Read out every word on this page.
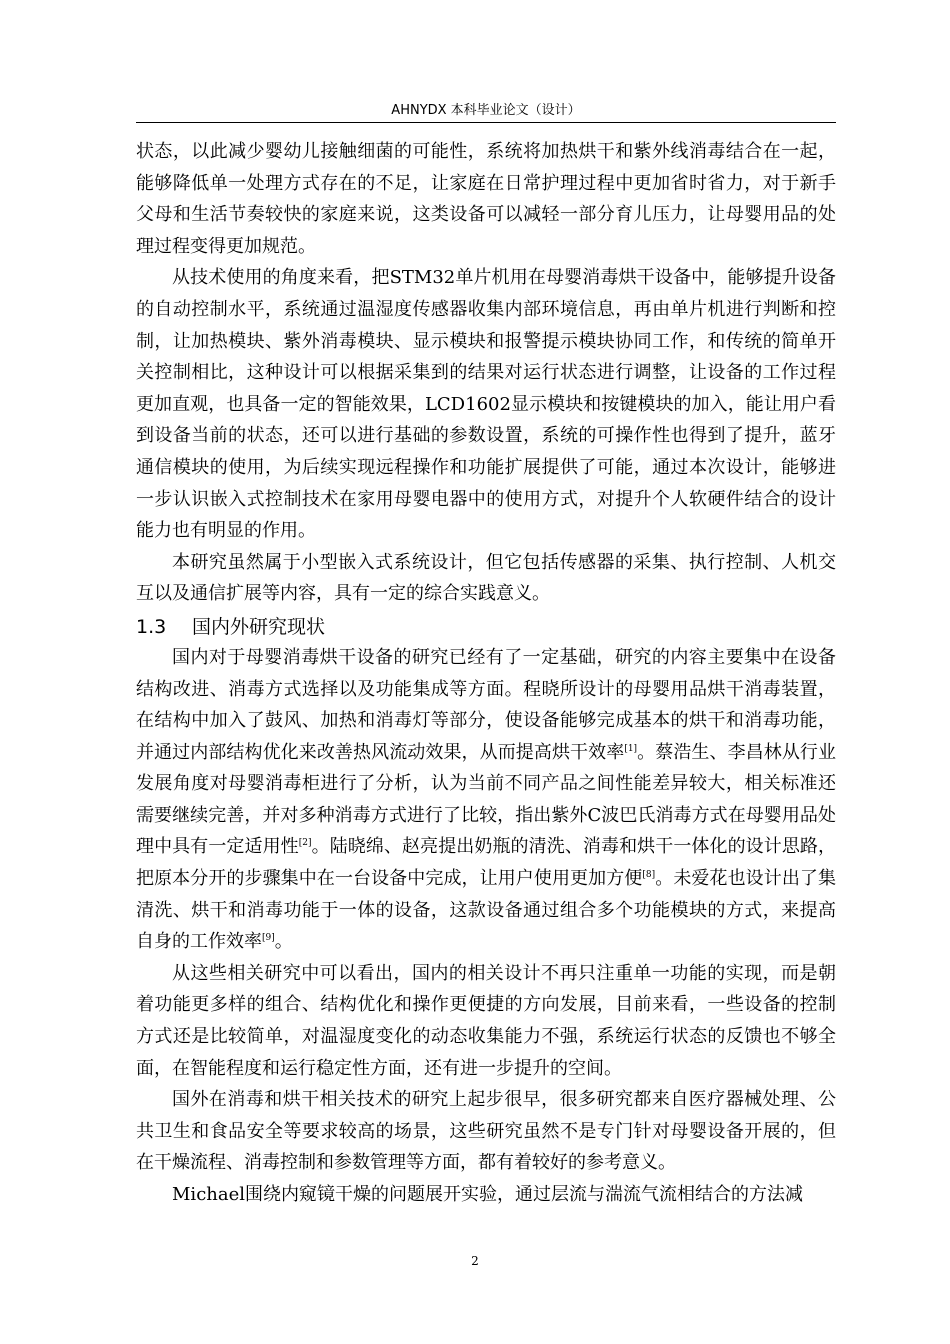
AHNYDX 本科毕业论文（设计）

状态，以此减少婴幼儿接触细菌的可能性，系统将加热烘干和紫外线消毒结合在一起，能够降低单一处理方式存在的不足，让家庭在日常护理过程中更加省时省力，对于新手父母和生活节奏较快的家庭来说，这类设备可以减轻一部分育儿压力，让母婴用品的处理过程变得更加规范。

从技术使用的角度来看，把STM32单片机用在母婴消毒烘干设备中，能够提升设备的自动控制水平，系统通过温湿度传感器收集内部环境信息，再由单片机进行判断和控制，让加热模块、紫外消毒模块、显示模块和报警提示模块协同工作，和传统的简单开关控制相比，这种设计可以根据采集到的结果对运行状态进行调整，让设备的工作过程更加直观，也具备一定的智能效果，LCD1602显示模块和按键模块的加入，能让用户看到设备当前的状态，还可以进行基础的参数设置，系统的可操作性也得到了提升，蓝牙通信模块的使用，为后续实现远程操作和功能扩展提供了可能，通过本次设计，能够进一步认识嵌入式控制技术在家用母婴电器中的使用方式，对提升个人软硬件结合的设计能力也有明显的作用。

本研究虽然属于小型嵌入式系统设计，但它包括传感器的采集、执行控制、人机交互以及通信扩展等内容，具有一定的综合实践意义。

1.3 国内外研究现状

国内对于母婴消毒烘干设备的研究已经有了一定基础，研究的内容主要集中在设备结构改进、消毒方式选择以及功能集成等方面。程晓所设计的母婴用品烘干消毒装置，在结构中加入了鼓风、加热和消毒灯等部分，使设备能够完成基本的烘干和消毒功能，并通过内部结构优化来改善热风流动效果，从而提高烘干效率[1]。蔡浩生、李昌林从行业发展角度对母婴消毒柜进行了分析，认为当前不同产品之间性能差异较大，相关标准还需要继续完善，并对多种消毒方式进行了比较，指出紫外C波巴氏消毒方式在母婴用品处理中具有一定适用性[2]。陆晓绵、赵亮提出奶瓶的清洗、消毒和烘干一体化的设计思路，把原本分开的步骤集中在一台设备中完成，让用户使用更加方便[8]。未爱花也设计出了集清洗、烘干和消毒功能于一体的设备，这款设备通过组合多个功能模块的方式，来提高自身的工作效率[9]。

从这些相关研究中可以看出，国内的相关设计不再只注重单一功能的实现，而是朝着功能更多样的组合、结构优化和操作更便捷的方向发展，目前来看，一些设备的控制方式还是比较简单，对温湿度变化的动态收集能力不强，系统运行状态的反馈也不够全面，在智能程度和运行稳定性方面，还有进一步提升的空间。

国外在消毒和烘干相关技术的研究上起步很早，很多研究都来自医疗器械处理、公共卫生和食品安全等要求较高的场景，这些研究虽然不是专门针对母婴设备开展的，但在干燥流程、消毒控制和参数管理等方面，都有着较好的参考意义。

Michael围绕内窥镜干燥的问题展开实验，通过层流与湍流气流相结合的方法减

2
